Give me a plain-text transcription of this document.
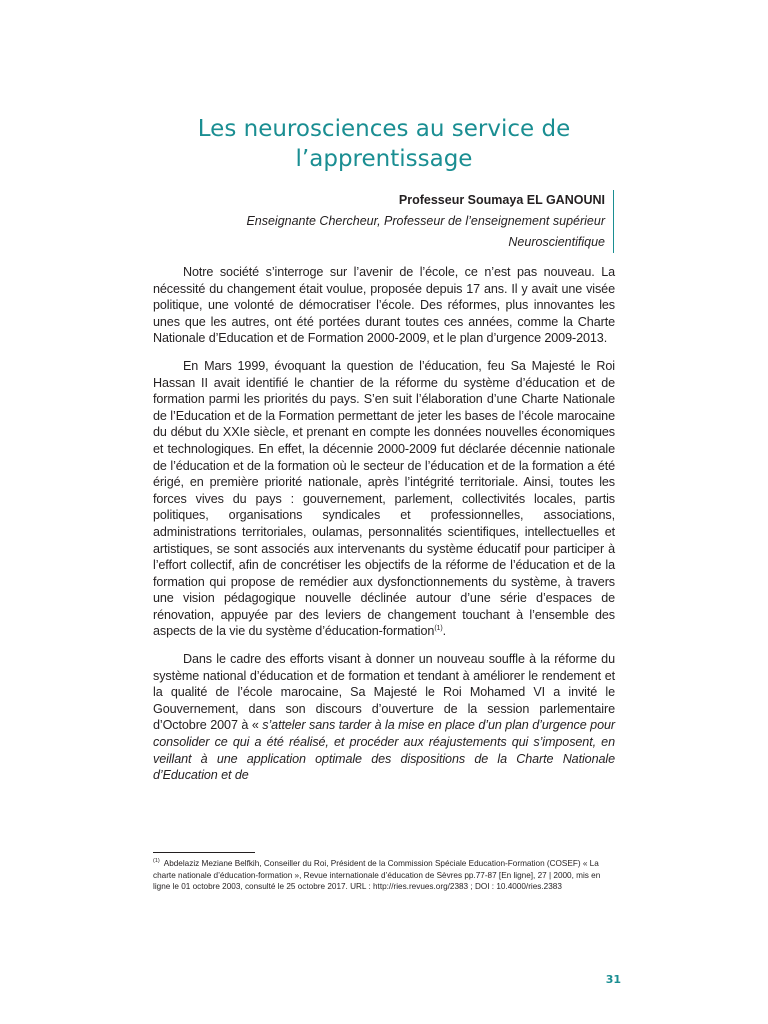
Les neurosciences au service de
l’apprentissage
Professeur Soumaya EL GANOUNI
Enseignante Chercheur, Professeur de l’enseignement supérieur
Neuroscientifique

Notre société s’interroge sur l’avenir de l’école, ce n’est pas nouveau. La nécessité du changement était voulue, proposée depuis 17 ans. Il y avait une visée politique, une volonté de démocratiser l’école. Des réformes, plus innovantes les unes que les autres, ont été portées durant toutes ces années, comme la Charte Nationale d’Education et de Formation 2000-2009, et le plan d’urgence 2009-2013.

En Mars 1999, évoquant la question de l’éducation, feu Sa Majesté le Roi Hassan II avait identifié le chantier de la réforme du système d’éducation et de formation parmi les priorités du pays. S’en suit l’élaboration d’une Charte Nationale de l’Education et de la Formation permettant de jeter les bases de l’école marocaine du début du XXIe siècle, et prenant en compte les données nouvelles économiques et technologiques. En effet, la décennie 2000-2009 fut déclarée décennie nationale de l’éducation et de la formation où le secteur de l’éducation et de la formation a été érigé, en première priorité nationale, après l’intégrité territoriale. Ainsi, toutes les forces vives du pays : gouvernement, parlement, collectivités locales, partis politiques, organisations syndicales et professionnelles, associations, administrations territoriales, oulamas, personnalités scientifiques, intellectuelles et artistiques, se sont associés aux intervenants du système éducatif pour participer à l’effort collectif, afin de concrétiser les objectifs de la réforme de l’éducation et de la formation qui propose de remédier aux dysfonctionnements du système, à travers une vision pédagogique nouvelle déclinée autour d’une série d’espaces de rénovation, appuyée par des leviers de changement touchant à l’ensemble des aspects de la vie du système d’éducation-formation$^{(1)}$.

Dans le cadre des efforts visant à donner un nouveau souffle à la réforme du système national d’éducation et de formation et tendant à améliorer le rendement et la qualité de l’école marocaine, Sa Majesté le Roi Mohamed VI a invité le Gouvernement, dans son discours d’ouverture de la session parlementaire d’Octobre 2007 à « s’atteler sans tarder à la mise en place d’un plan d’urgence pour consolider ce qui a été réalisé, et procéder aux réajustements qui s’imposent, en veillant à une application optimale des dispositions de la Charte Nationale d’Education et de

$^{(1)}$ Abdelaziz Meziane Belfkih, Conseiller du Roi, Président de la Commission Spéciale Education-Formation (COSEF) « La charte nationale d’éducation-formation », Revue internationale d’éducation de Sèvres pp.77-87 [En ligne], 27 | 2000, mis en ligne le 01 octobre 2003, consulté le 25 octobre 2017. URL : http://ries.revues.org/2383 ; DOI : 10.4000/ries.2383
31
